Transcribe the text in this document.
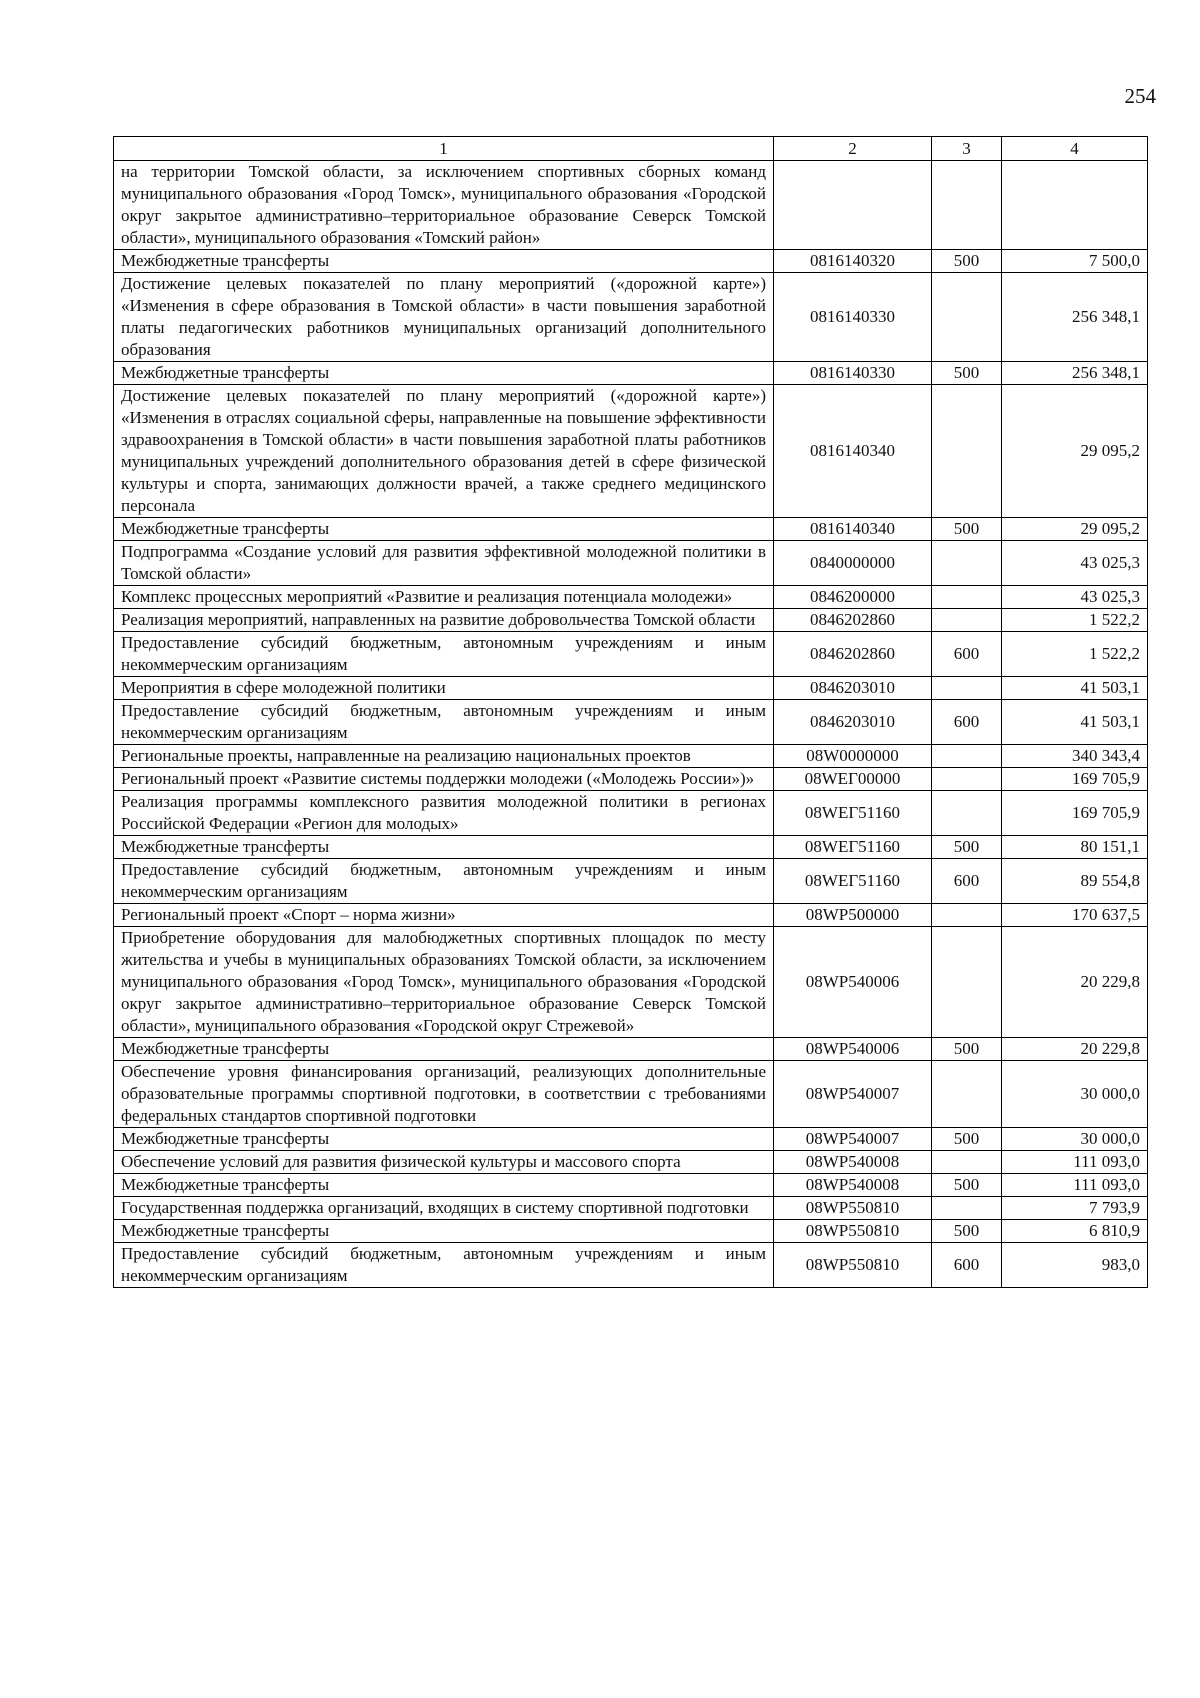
254
1	2	3	4
на территории Томской области, за исключением спортивных сборных команд муниципального образования «Город Томск», муниципального образования «Городской округ закрытое административно–территориальное образование Северск Томской области», муниципального образования «Томский район»			
Межбюджетные трансферты	0816140320	500	7 500,0
Достижение целевых показателей по плану мероприятий («дорожной карте») «Изменения в сфере образования в Томской области» в части повышения заработной платы педагогических работников муниципальных организаций дополнительного образования	0816140330		256 348,1
Межбюджетные трансферты	0816140330	500	256 348,1
Достижение целевых показателей по плану мероприятий («дорожной карте») «Изменения в отраслях социальной сферы, направленные на повышение эффективности здравоохранения в Томской области» в части повышения заработной платы работников муниципальных учреждений дополнительного образования детей в сфере физической культуры и спорта, занимающих должности врачей, а также среднего медицинского персонала	0816140340		29 095,2
Межбюджетные трансферты	0816140340	500	29 095,2
Подпрограмма «Создание условий для развития эффективной молодежной политики в Томской области»	0840000000		43 025,3
Комплекс процессных мероприятий «Развитие и реализация потенциала молодежи»	0846200000		43 025,3
Реализация мероприятий, направленных на развитие добровольчества Томской области	0846202860		1 522,2
Предоставление субсидий бюджетным, автономным учреждениям и иным некоммерческим организациям	0846202860	600	1 522,2
Мероприятия в сфере молодежной политики	0846203010		41 503,1
Предоставление субсидий бюджетным, автономным учреждениям и иным некоммерческим организациям	0846203010	600	41 503,1
Региональные проекты, направленные на реализацию национальных проектов	08W0000000		340 343,4
Региональный проект «Развитие системы поддержки молодежи («Молодежь России»)»	08WEГ00000		169 705,9
Реализация программы комплексного развития молодежной политики в регионах Российской Федерации «Регион для молодых»	08WEГ51160		169 705,9
Межбюджетные трансферты	08WEГ51160	500	80 151,1
Предоставление субсидий бюджетным, автономным учреждениям и иным некоммерческим организациям	08WEГ51160	600	89 554,8
Региональный проект «Спорт – норма жизни»	08WP500000		170 637,5
Приобретение оборудования для малобюджетных спортивных площадок по месту жительства и учебы в муниципальных образованиях Томской области, за исключением муниципального образования «Город Томск», муниципального образования «Городской округ закрытое административно–территориальное образование Северск Томской области», муниципального образования «Городской округ Стрежевой»	08WP540006		20 229,8
Межбюджетные трансферты	08WP540006	500	20 229,8
Обеспечение уровня финансирования организаций, реализующих дополнительные образовательные программы спортивной подготовки, в соответствии с требованиями федеральных стандартов спортивной подготовки	08WP540007		30 000,0
Межбюджетные трансферты	08WP540007	500	30 000,0
Обеспечение условий для развития физической культуры и массового спорта	08WP540008		111 093,0
Межбюджетные трансферты	08WP540008	500	111 093,0
Государственная поддержка организаций, входящих в систему спортивной подготовки	08WP550810		7 793,9
Межбюджетные трансферты	08WP550810	500	6 810,9
Предоставление субсидий бюджетным, автономным учреждениям и иным некоммерческим организациям	08WP550810	600	983,0
